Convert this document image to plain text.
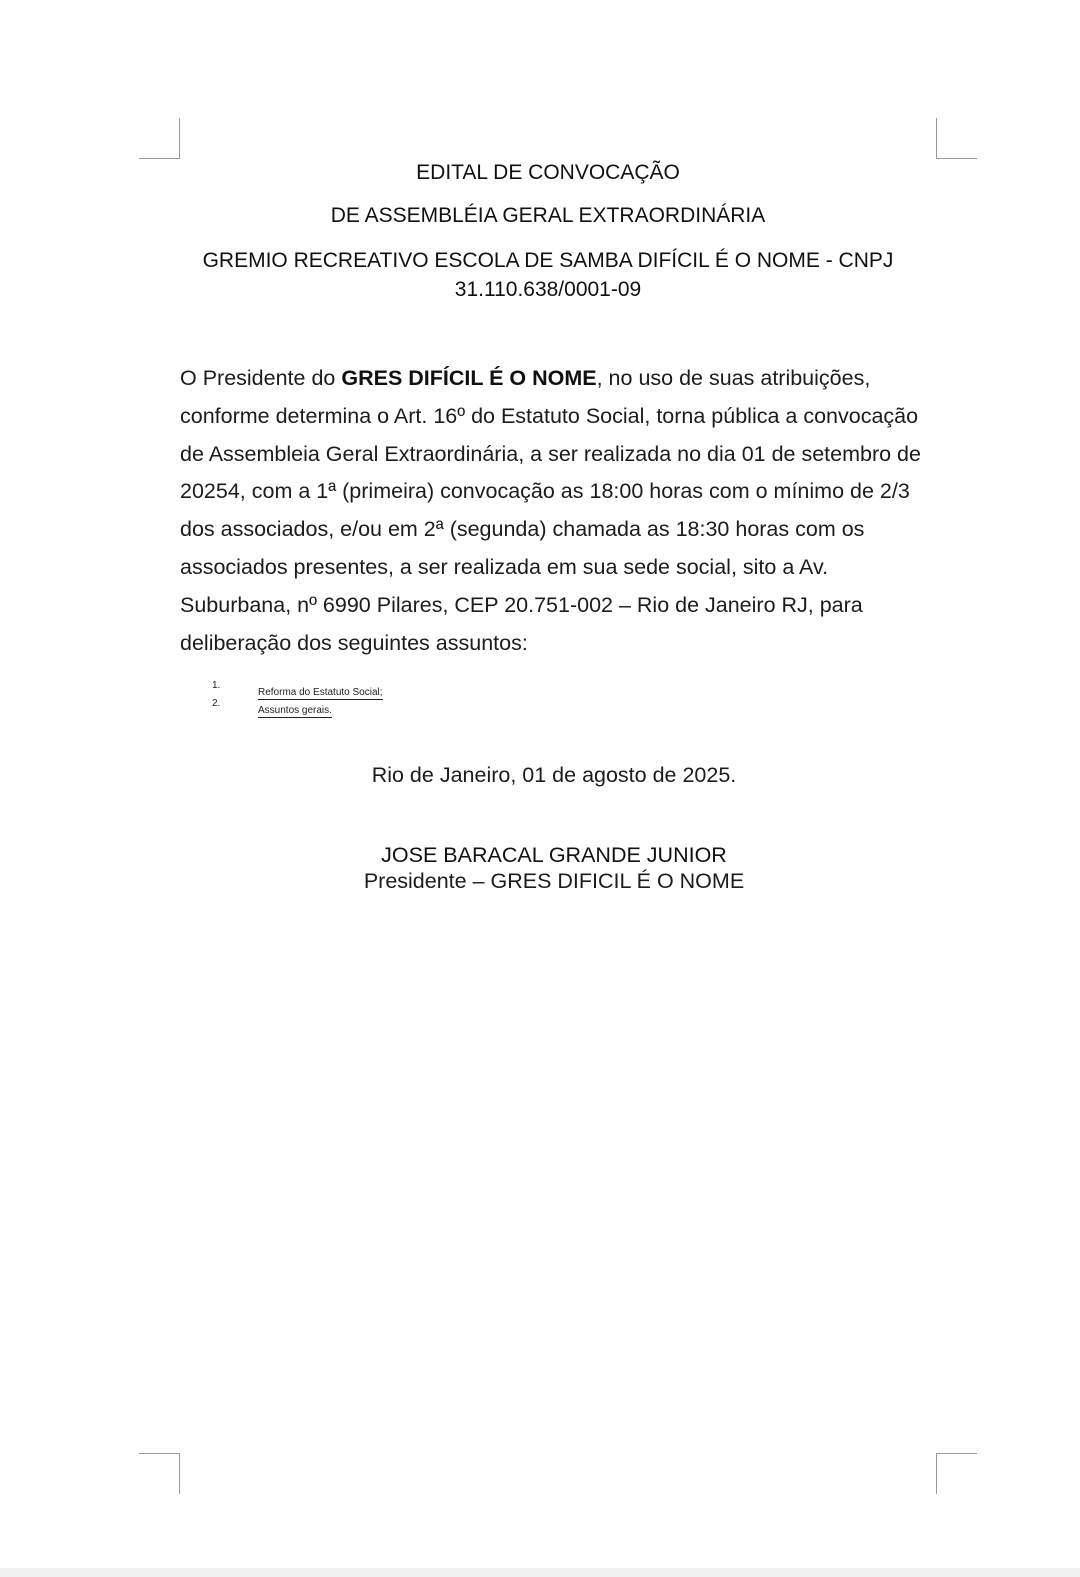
EDITAL DE CONVOCAÇÃO
DE ASSEMBLÉIA GERAL EXTRAORDINÁRIA
GREMIO RECREATIVO ESCOLA DE SAMBA DIFÍCIL É O NOME - CNPJ
31.110.638/0001-09
O Presidente do GRES DIFÍCIL É O NOME, no uso de suas atribuições, conforme determina o Art. 16º do Estatuto Social, torna pública a convocação de Assembleia Geral Extraordinária, a ser realizada no dia 01 de setembro de 20254, com a 1ª (primeira) convocação as 18:00 horas com o mínimo de 2/3 dos associados, e/ou em 2ª (segunda) chamada as 18:30 horas com os associados presentes, a ser realizada em sua sede social, sito a Av. Suburbana, nº 6990 Pilares, CEP 20.751-002 – Rio de Janeiro RJ, para deliberação dos seguintes assuntos:
1.
Reforma do Estatuto Social;
2.
Assuntos gerais.
Rio de Janeiro, 01 de agosto de 2025.
JOSE BARACAL GRANDE JUNIOR
Presidente – GRES DIFICIL É O NOME
